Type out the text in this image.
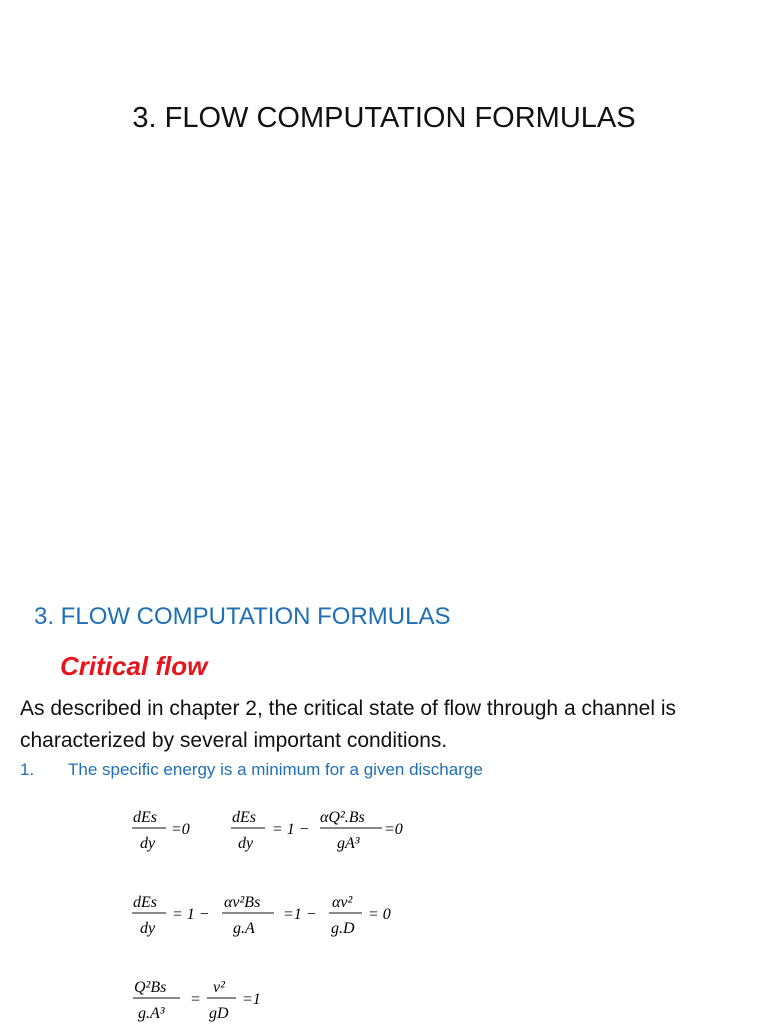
3. FLOW COMPUTATION FORMULAS
3. FLOW COMPUTATION FORMULAS
Critical flow
As described in chapter 2, the critical state of flow through a channel is characterized by several important conditions.
1. The specific energy is a minimum for a given discharge
dEs
dy
=0
dEs
dy
= 1 −
αQ².Bs
gA³
=0
dEs
dy
= 1 −
αv²Bs
g.A
=1 −
αv²
g.D
= 0
Q²Bs
g.A³
=
v²
gD
=1
